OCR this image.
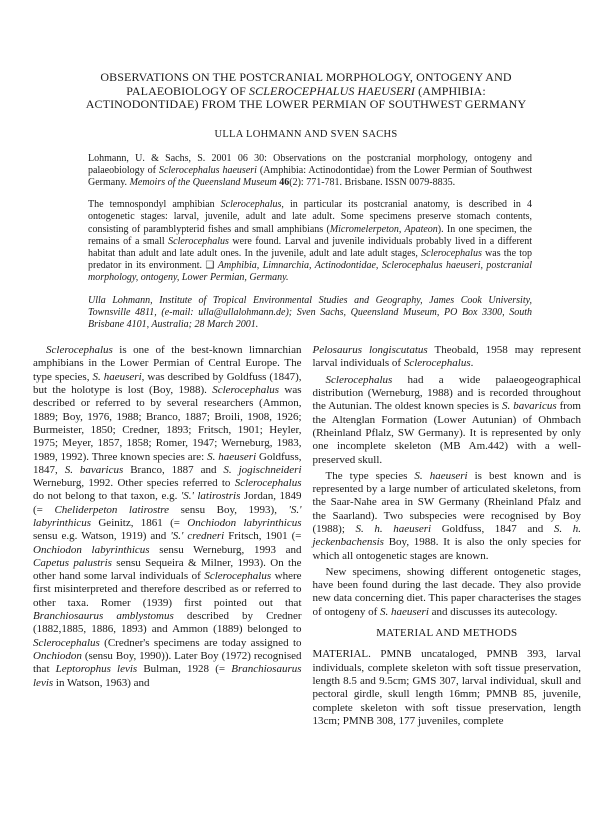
OBSERVATIONS ON THE POSTCRANIAL MORPHOLOGY, ONTOGENY AND
PALAEOBIOLOGY OF SCLEROCEPHALUS HAEUSERI (AMPHIBIA:
ACTINODONTIDAE) FROM THE LOWER PERMIAN OF SOUTHWEST GERMANY
ULLA LOHMANN AND SVEN SACHS
Lohmann, U. & Sachs, S. 2001 06 30: Observations on the postcranial morphology, ontogeny and palaeobiology of Sclerocephalus haeuseri (Amphibia: Actinodontidae) from the Lower Permian of Southwest Germany. Memoirs of the Queensland Museum 46(2): 771-781. Brisbane. ISSN 0079-8835.
The temnospondyl amphibian Sclerocephalus, in particular its postcranial anatomy, is described in 4 ontogenetic stages: larval, juvenile, adult and late adult. Some specimens preserve stomach contents, consisting of paramblypterid fishes and small amphibians (Micromelerpeton, Apateon). In one specimen, the remains of a small Sclerocephalus were found. Larval and juvenile individuals probably lived in a different habitat than adult and late adult ones. In the juvenile, adult and late adult stages, Sclerocephalus was the top predator in its environment. ❑ Amphibia, Limnarchia, Actinodontidae, Sclerocephalus haeuseri, postcranial morphology, ontogeny, Lower Permian, Germany.
Ulla Lohmann, Institute of Tropical Environmental Studies and Geography, James Cook University, Townsville 4811, (e-mail: ulla@ullalohmann.de); Sven Sachs, Queensland Museum, PO Box 3300, South Brisbane 4101, Australia; 28 March 2001.

Sclerocephalus is one of the best-known limnarchian amphibians in the Lower Permian of Central Europe. The type species, S. haeuseri, was described by Goldfuss (1847), but the holotype is lost (Boy, 1988). Sclerocephalus was described or referred to by several researchers (Ammon, 1889; Boy, 1976, 1988; Branco, 1887; Broili, 1908, 1926; Burmeister, 1850; Credner, 1893; Fritsch, 1901; Heyler, 1975; Meyer, 1857, 1858; Romer, 1947; Werneburg, 1983, 1989, 1992). Three known species are: S. haeuseri Goldfuss, 1847, S. bavaricus Branco, 1887 and S. jogischneideri Werneburg, 1992. Other species referred to Sclerocephalus do not belong to that taxon, e.g. 'S.' latirostris Jordan, 1849 (= Cheliderpeton latirostre sensu Boy, 1993), 'S.' labyrinthicus Geinitz, 1861 (= Onchiodon labyrinthicus sensu e.g. Watson, 1919) and 'S.' credneri Fritsch, 1901 (= Onchiodon labyrinthicus sensu Werneburg, 1993 and Capetus palustris sensu Sequeira & Milner, 1993). On the other hand some larval individuals of Sclerocephalus where first misinterpreted and therefore described as or referred to other taxa. Romer (1939) first pointed out that Branchiosaurus amblystomus described by Credner (1882,1885, 1886, 1893) and Ammon (1889) belonged to Sclerocephalus (Credner's specimens are today assigned to Onchiodon (sensu Boy, 1990)). Later Boy (1972) recognised that Leptorophus levis Bulman, 1928 (= Branchiosaurus levis in Watson, 1963) and

Pelosaurus longiscutatus Theobald, 1958 may represent larval individuals of Sclerocephalus.

Sclerocephalus had a wide palaeogeographical distribution (Werneburg, 1988) and is recorded throughout the Autunian. The oldest known species is S. bavaricus from the Altenglan Formation (Lower Autunian) of Ohmbach (Rheinland Pflalz, SW Germany). It is represented by only one incomplete skeleton (MB Am.442) with a well-preserved skull.

The type species S. haeuseri is best known and is represented by a large number of articulated skeletons, from the Saar-Nahe area in SW Germany (Rheinland Pfalz and the Saarland). Two subspecies were recognised by Boy (1988); S. h. haeuseri Goldfuss, 1847 and S. h. jeckenbachensis Boy, 1988. It is also the only species for which all ontogenetic stages are known.

New specimens, showing different ontogenetic stages, have been found during the last decade. They also provide new data concerning diet. This paper characterises the stages of ontogeny of S. haeuseri and discusses its autecology.

MATERIAL AND METHODS

MATERIAL. PMNB uncataloged, PMNB 393, larval individuals, complete skeleton with soft tissue preservation, length 8.5 and 9.5cm; GMS 307, larval individual, skull and pectoral girdle, skull length 16mm; PMNB 85, juvenile, complete skeleton with soft tissue preservation, length 13cm; PMNB 308, 177 juveniles, complete
